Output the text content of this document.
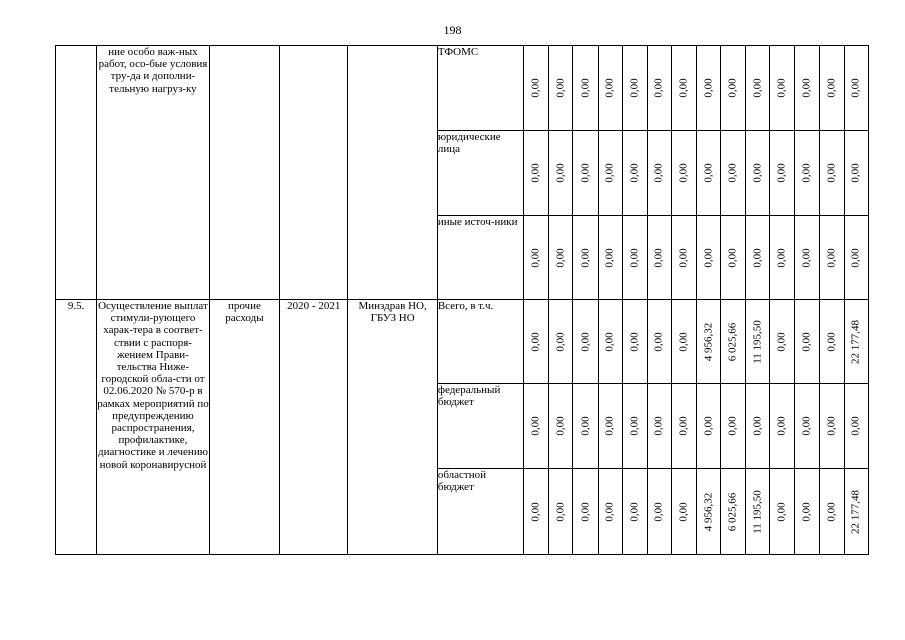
198
	ние особо важ-ных работ, осо-бые условия тру-да и дополни-тельную нагруз-ку				ТФОМС	0,00	0,00	0,00	0,00	0,00	0,00	0,00	0,00	0,00	0,00	0,00	0,00	0,00	0,00

					юридические лица	0,00	0,00	0,00	0,00	0,00	0,00	0,00	0,00	0,00	0,00	0,00	0,00	0,00	0,00

					иные источ-ники	0,00	0,00	0,00	0,00	0,00	0,00	0,00	0,00	0,00	0,00	0,00	0,00	0,00	0,00

9.5.	Осуществление выплат стимули-рующего харак-тера в соответ-ствии с распоря-жением Прави-тельства Ниже-городской обла-сти от 02.06.2020 № 570-р в рамках мероприятий по предупреждению распространения, профилактике, диагностике и лечению новой коронавирусной	прочие расходы	2020 - 2021	Минздрав НО, ГБУЗ НО	Всего, в т.ч.	0,00	0,00	0,00	0,00	0,00	0,00	0,00	4 956,32	6 025,66	11 195,50	0,00	0,00	0,00	22 177,48

					федеральный бюджет	0,00	0,00	0,00	0,00	0,00	0,00	0,00	0,00	0,00	0,00	0,00	0,00	0,00	0,00

					областной бюджет	0,00	0,00	0,00	0,00	0,00	0,00	0,00	4 956,32	6 025,66	11 195,50	0,00	0,00	0,00	22 177,48
